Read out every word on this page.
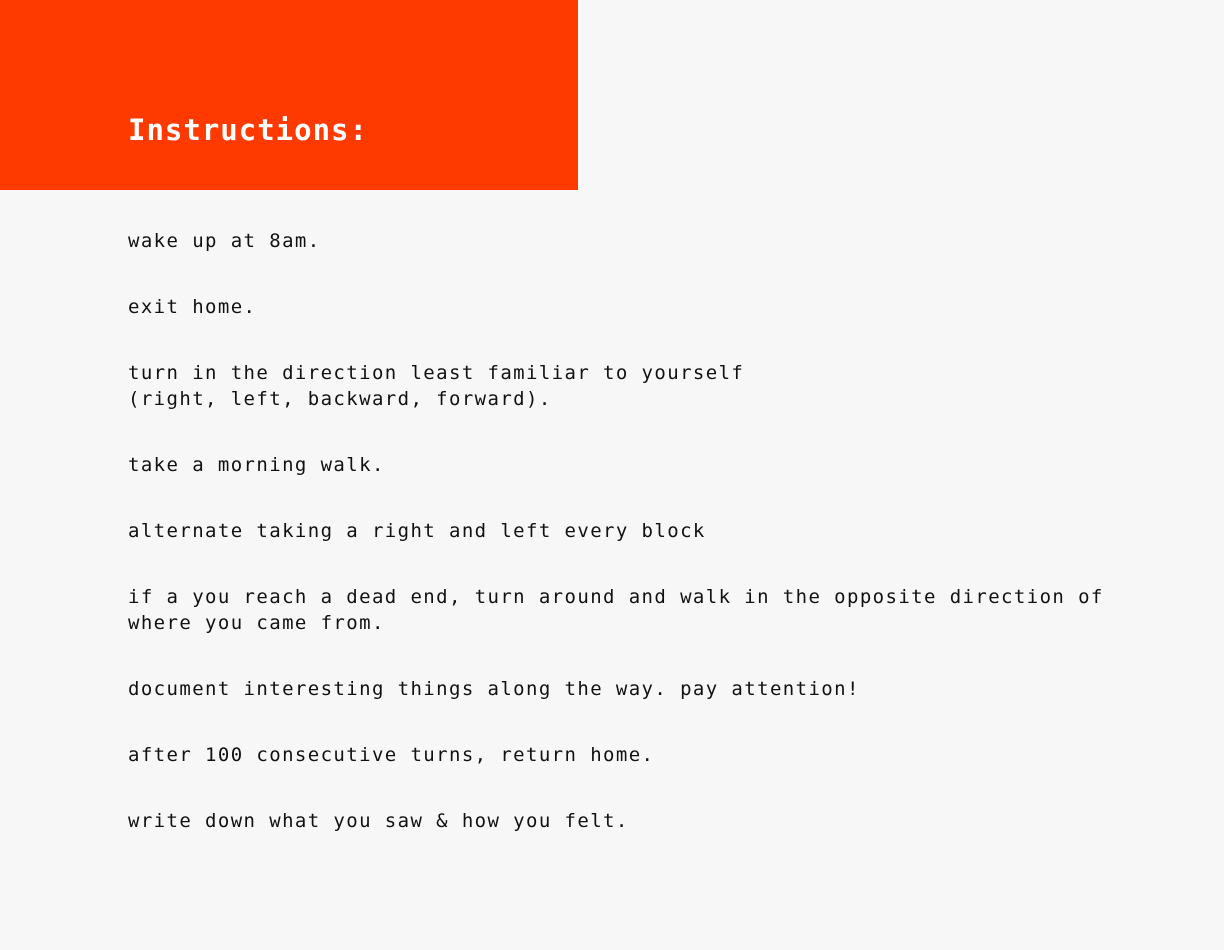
Instructions:
wake up at 8am.
exit home.
turn in the direction least familiar to yourself
(right, left, backward, forward).
take a morning walk.
alternate taking a right and left every block
if a you reach a dead end, turn around and walk in the opposite direction of
where you came from.
document interesting things along the way. pay attention!
after 100 consecutive turns, return home.
write down what you saw & how you felt.
